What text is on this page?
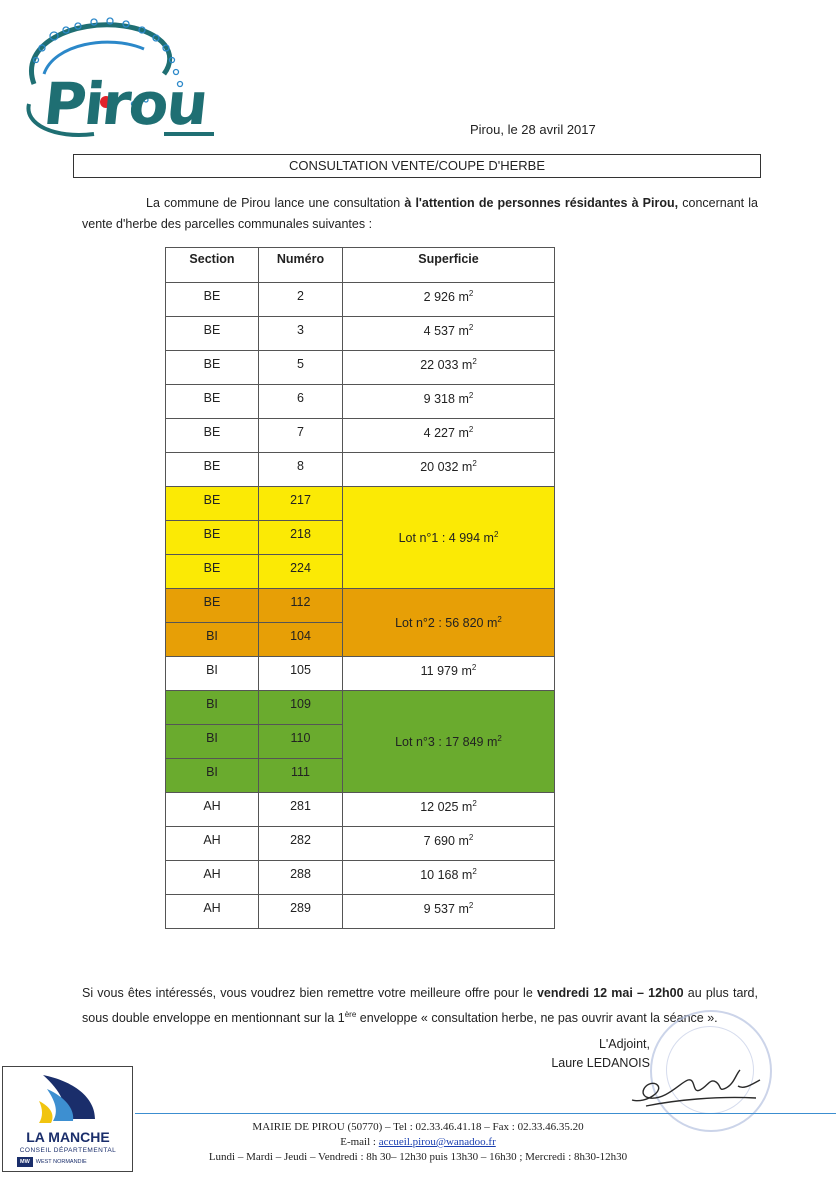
Pirou	Pirou, le 28 avril 2017
CONSULTATION VENTE/COUPE D'HERBE
La commune de Pirou lance une consultation à l'attention de personnes résidantes à Pirou, concernant la vente d'herbe des parcelles communales suivantes :
Section	Numéro	Superficie
BE	2	2 926 $m^2$
BE	3	4 537 $m^2$
BE	5	22 033 $m^2$
BE	6	9 318 $m^2$
BE	7	4 227 $m^2$
BE	8	20 032 $m^2$
BE	217	Lot n°1 : 4 994 $m^2$
BE	218	
BE	224	
BE	112	Lot n°2 : 56 820 $m^2$
BI	104	
BI	105	11 979 $m^2$
BI	109	Lot n°3 : 17 849 $m^2$
BI	110	
BI	111	
AH	281	12 025 $m^2$
AH	282	7 690 $m^2$
AH	288	10 168 $m^2$
AH	289	9 537 $m^2$
Si vous êtes intéressés, vous voudrez bien remettre votre meilleure offre pour le vendredi 12 mai – 12h00 au plus tard, sous double enveloppe en mentionnant sur la 1ère enveloppe « consultation herbe, ne pas ouvrir avant la séance ».
L'Adjoint,
Laure LEDANOIS
LA MANCHE
CONSEIL DÉPARTEMENTAL
MW WEST NORMANDIE
MAIRIE DE PIROU (50770) – Tel : 02.33.46.41.18 – Fax : 02.33.46.35.20
E-mail : accueil.pirou@wanadoo.fr
Lundi – Mardi – Jeudi – Vendredi : 8h 30– 12h30 puis 13h30 – 16h30 ; Mercredi : 8h30-12h30
